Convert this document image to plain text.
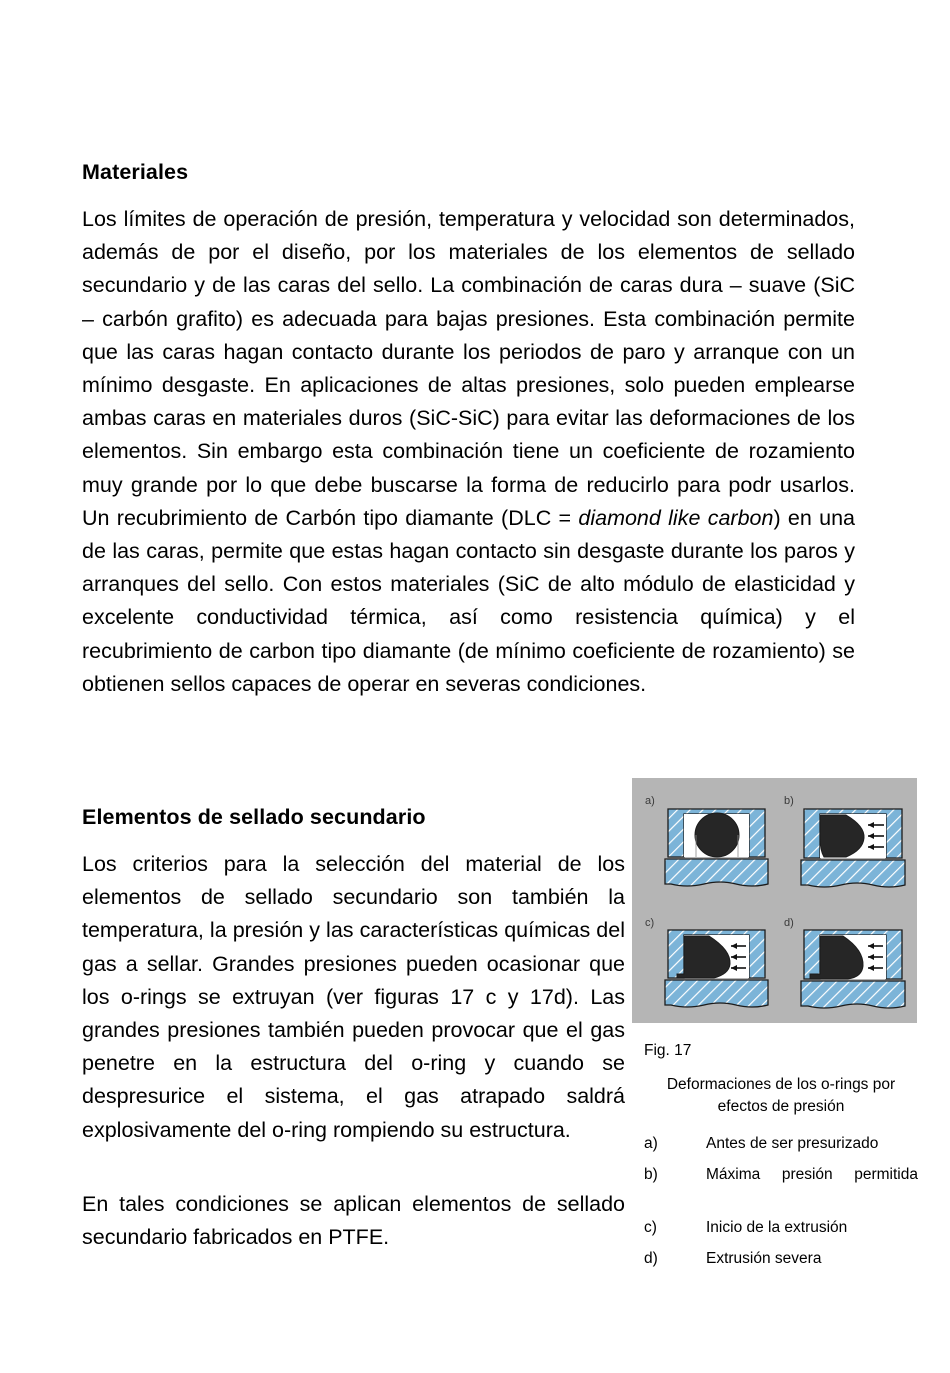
Materiales
Los límites de operación de presión, temperatura y velocidad son determinados, además de por el diseño, por los materiales de los elementos de sellado secundario y de las caras del sello. La combinación de caras dura – suave (SiC – carbón grafito) es adecuada para bajas presiones. Esta combinación permite que las caras hagan contacto durante los periodos de paro y arranque con un mínimo desgaste. En aplicaciones de altas presiones, solo pueden emplearse ambas caras en materiales duros (SiC-SiC) para evitar las deformaciones de los elementos. Sin embargo esta combinación tiene un coeficiente de rozamiento muy grande por lo que debe buscarse la forma de reducirlo para podr usarlos. Un recubrimiento de Carbón tipo diamante (DLC = diamond like carbon) en una de las caras, permite que estas hagan contacto sin desgaste durante los paros y arranques del sello. Con estos materiales (SiC de alto módulo de elasticidad y excelente conductividad térmica, así como resistencia química) y el recubrimiento de carbon tipo diamante (de mínimo coeficiente de rozamiento) se obtienen sellos capaces de operar en severas condiciones.
Elementos de sellado secundario
Los criterios para la selección del material de los elementos de sellado secundario son también la temperatura, la presión y las características químicas del gas a sellar. Grandes presiones pueden ocasionar que los o-rings se extruyan (ver figuras 17 c y 17d). Las grandes presiones también pueden provocar que el gas penetre en la estructura del o-ring y cuando se despresurice el sistema, el gas atrapado saldrá explosivamente del o-ring rompiendo su estructura.
En tales condiciones se aplican elementos de sellado secundario fabricados en PTFE.
a)	b)
c)	d)
Fig. 17
Deformaciones de los o-rings por efectos de presión
a)	Antes de ser presurizado
b)	Máxima presión permitida
c)	Inicio de la extrusión
d)	Extrusión severa
